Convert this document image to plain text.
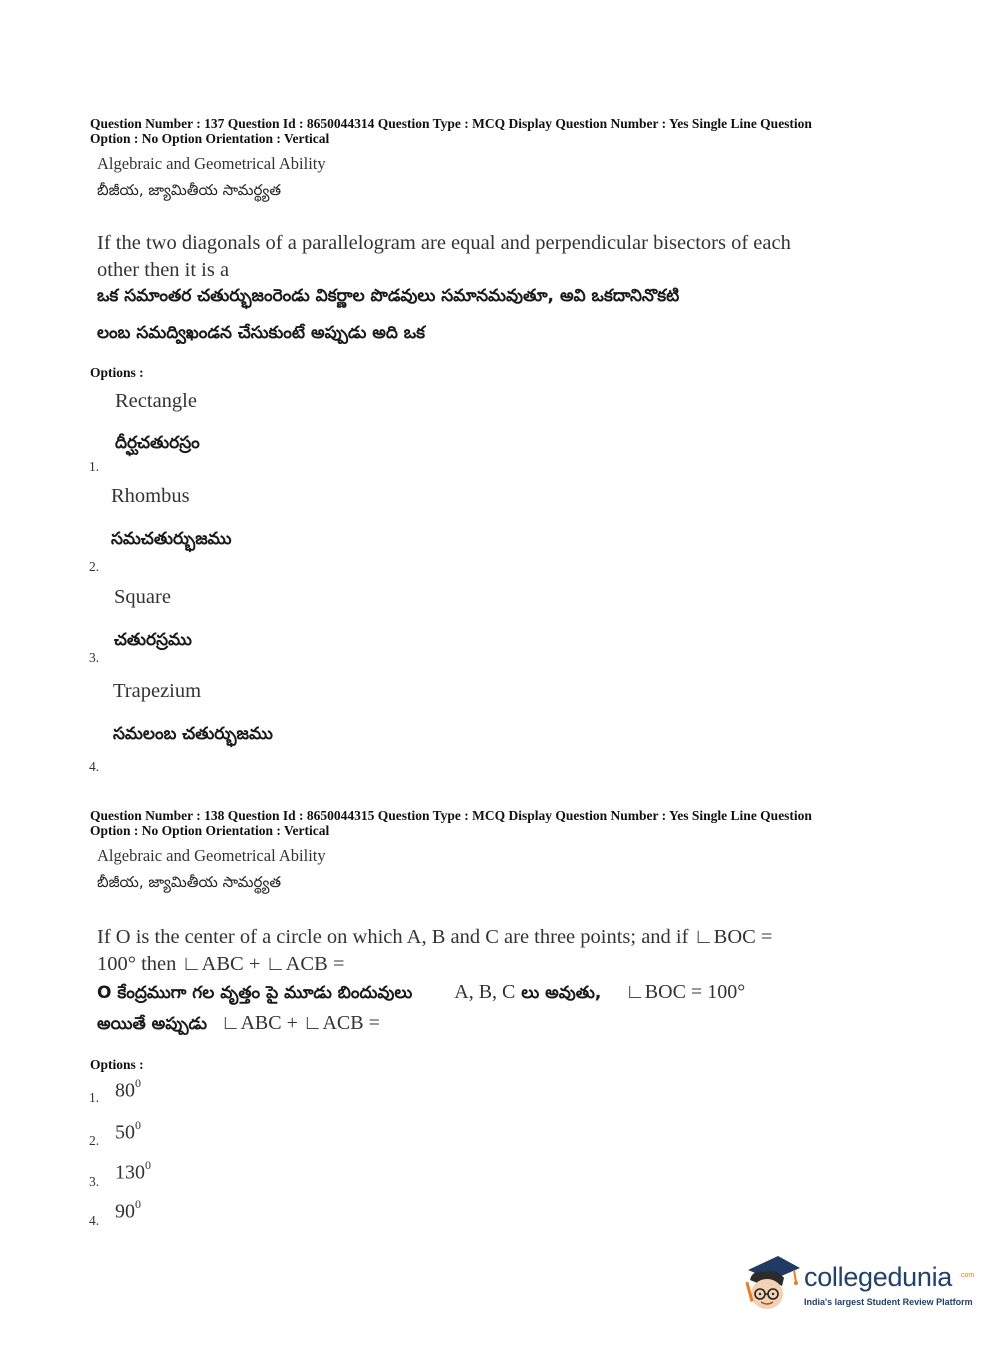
Question Number : 137 Question Id : 8650044314 Question Type : MCQ Display Question Number : Yes Single Line Question
Option : No Option Orientation : Vertical
Algebraic and Geometrical Ability
బీజీయ, జ్యామితీయ సామర్థ్యత
If the two diagonals of a parallelogram are equal and perpendicular bisectors of each
other then it is a
ఒక సమాంతర చతుర్భుజంరెండు వికర్ణాల పొడవులు సమానమవుతూ, అవి ఒకదానినొకటి
లంబ సమద్విఖండన చేసుకుంటే అప్పుడు అది ఒక
Options :
Rectangle
దీర్ఘచతురస్రం
1.
Rhombus
సమచతుర్భుజము
2.
Square
చతురస్రము
3.
Trapezium
సమలంబ చతుర్భుజము
4.
Question Number : 138 Question Id : 8650044315 Question Type : MCQ Display Question Number : Yes Single Line Question
Option : No Option Orientation : Vertical
Algebraic and Geometrical Ability
బీజీయ, జ్యామితీయ సామర్థ్యత
If O is the center of a circle on which A, B and C are three points; and if ∟BOC =
100° then ∟ABC + ∟ACB =
O కేంద్రముగా గల వృత్తం పై మూడు బిందువులు A, B, C లు అవుతు, ∟BOC = 100°
అయితే అప్పుడు ∟ABC + ∟ACB =
Options :
1. $80^0$
2. $50^0$
3. $130^0$
4. $90^0$
collegedunia .com
India's largest Student Review Platform
